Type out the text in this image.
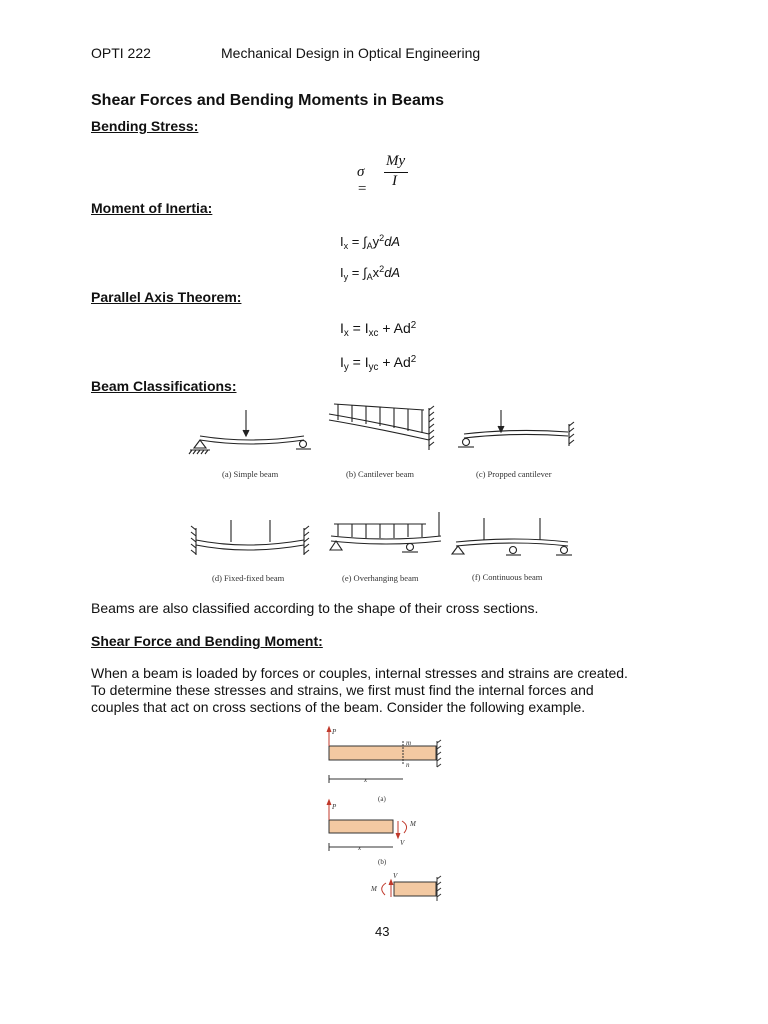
OPTI 222	Mechanical Design in Optical Engineering
Shear Forces and Bending Moments in Beams
Bending Stress:
σ =
My
I
Moment of Inertia:
$I_x = \int_Ay^2dA$
$I_y = \int_Ax^2dA$
Parallel Axis Theorem:
$I_x = I_{xc} + Ad^2$
$I_y = I_{yc} + Ad^2$
Beam Classifications:
(a) Simple beam	(b) Cantilever beam	(c) Propped cantilever
(d) Fixed-fixed beam	(e) Overhanging beam	(f) Continuous beam
Beams are also classified according to the shape of their cross sections.
Shear Force and Bending Moment:
When a beam is loaded by forces or couples, internal stresses and strains are created.
To determine these stresses and strains, we first must find the internal forces and
couples that act on cross sections of the beam. Consider the following example.
P
m
n
x
(a)
P
M
V
x
(b)
M
V
43
